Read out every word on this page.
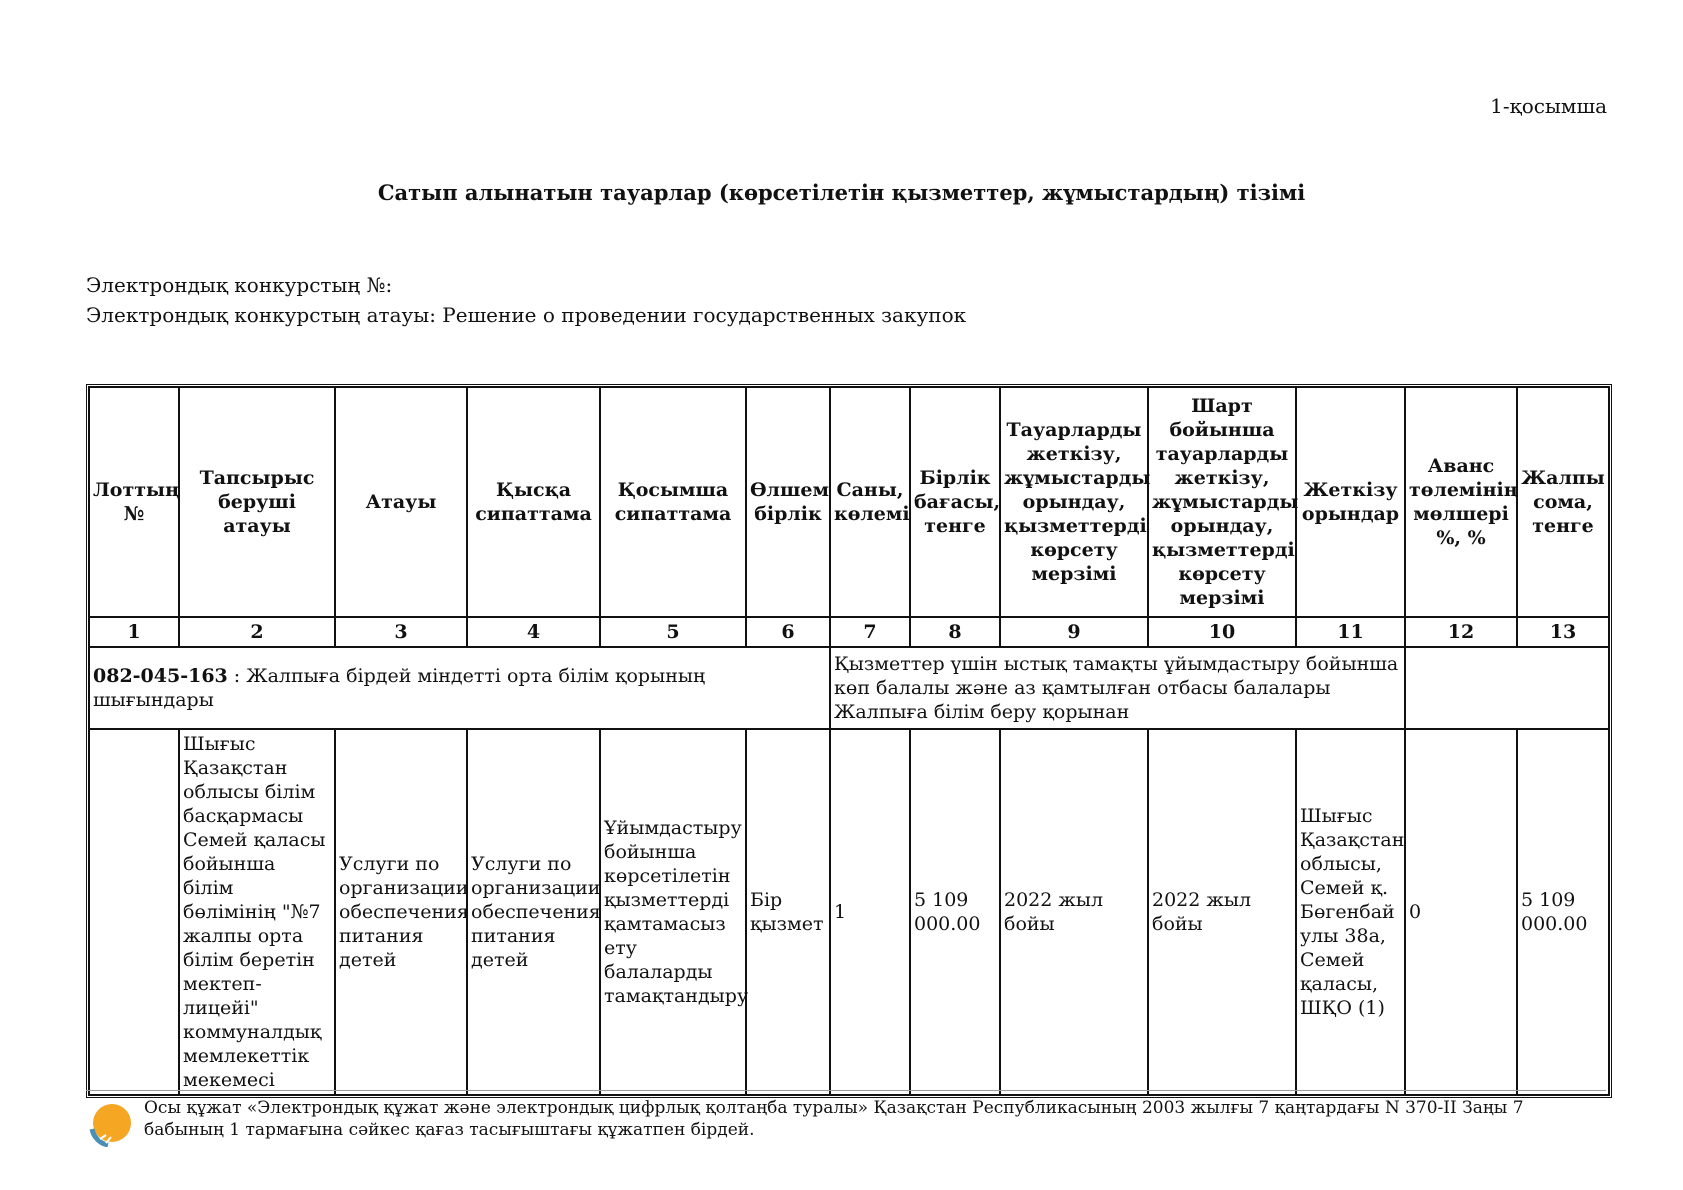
1-қосымша
Сатып алынатын тауарлар (көрсетілетін қызметтер, жұмыстардың) тізімі
Электрондық конкурстың №:
Электрондық конкурстың атауы: Решение о проведении государственных закупок
Лоттың №	Тапсырыс беруші атауы	Атауы	Қысқа сипаттама	Қосымша сипаттама	Өлшем бірлік	Саны, көлемі	Бірлік бағасы, тенге	Тауарларды жеткізу, жұмыстарды орындау, қызметтерді көрсету мерзімі	Шарт бойынша тауарларды жеткізу, жұмыстарды орындау, қызметтерді көрсету мерзімі	Жеткізу орындар	Аванс төлемінің мөлшері %, %	Жалпы сома, тенге
1	2	3	4	5	6	7	8	9	10	11	12	13
082-045-163 : Жалпыға бірдей міндетті орта білім қорының шығындары						Қызметтер үшін ыстық тамақты ұйымдастыру бойынша көп балалы және аз қамтылған отбасы балалары Жалпыға білім беру қорынан						
	Шығыс Қазақстан облысы білім басқармасы Семей қаласы бойынша білім бөлімінің "№7 жалпы орта білім беретін мектеп-лицейі" коммуналдық мемлекеттік мекемесі	Услуги по организации обеспечения питания детей	Услуги по организации обеспечения питания детей	Ұйымдастыру бойынша көрсетілетін қызметтерді қамтамасыз ету балаларды тамақтандыру	Бір қызмет	1	5 109 000.00	2022 жыл бойы	2022 жыл бойы	Шығыс Қазақстан облысы, Семей қ. Бөгенбай улы 38а, Семей қаласы, ШҚО (1)	0	5 109 000.00
Осы құжат «Электрондық құжат және электрондық цифрлық қолтаңба туралы» Қазақстан Республикасының 2003 жылғы 7 қаңтардағы N 370-II Заңы 7 бабының 1 тармағына сәйкес қағаз тасығыштағы құжатпен бірдей.
